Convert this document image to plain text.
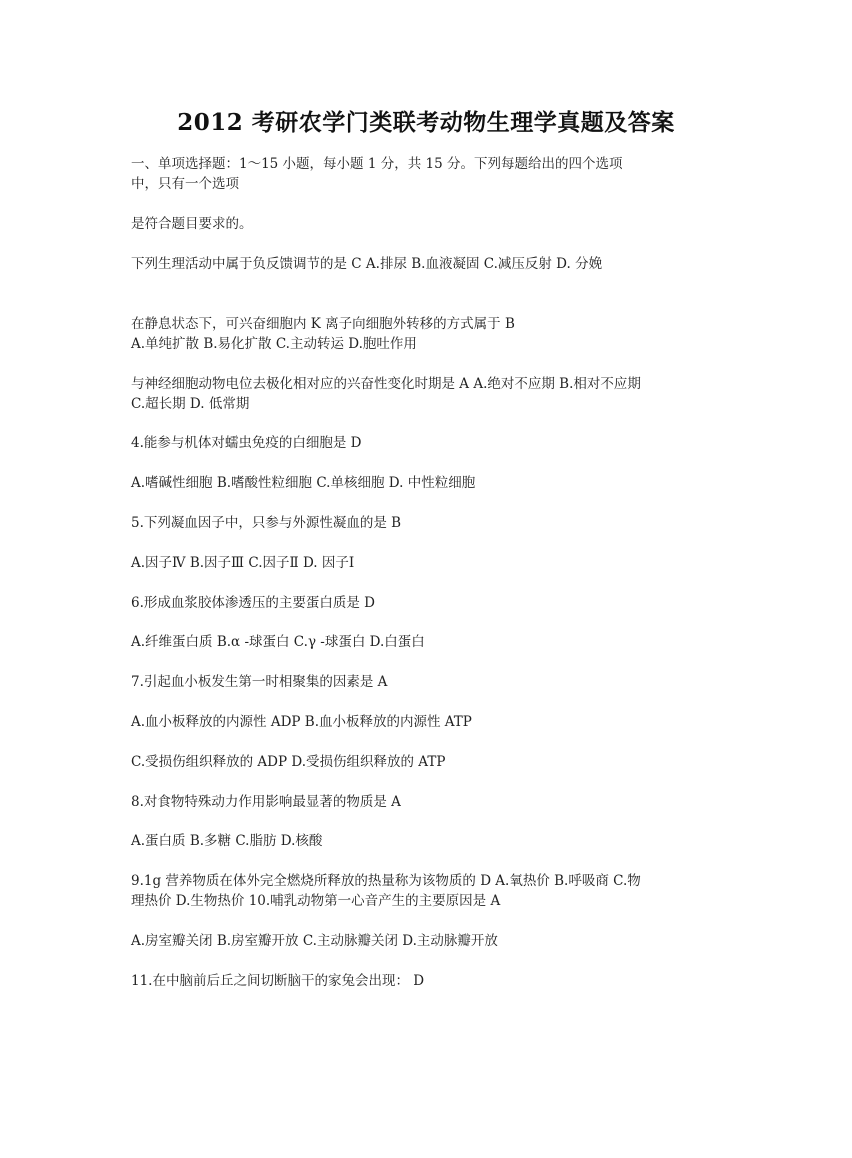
2012 考研农学门类联考动物生理学真题及答案
一、单项选择题：1～15 小题，每小题 1 分，共 15 分。下列每题给出的四个选项
中，只有一个选项
是符合题目要求的。
下列生理活动中属于负反馈调节的是 C A.排尿 B.血液凝固 C.减压反射 D. 分娩
在静息状态下，可兴奋细胞内 K 离子向细胞外转移的方式属于 B
A.单纯扩散 B.易化扩散 C.主动转运 D.胞吐作用
与神经细胞动物电位去极化相对应的兴奋性变化时期是 A A.绝对不应期 B.相对不应期
C.超长期 D. 低常期
4.能参与机体对蠕虫免疫的白细胞是 D
A.嗜碱性细胞 B.嗜酸性粒细胞 C.单核细胞 D. 中性粒细胞
5.下列凝血因子中，只参与外源性凝血的是 B
A.因子Ⅳ B.因子Ⅲ C.因子Ⅱ D. 因子Ⅰ
6.形成血浆胶体渗透压的主要蛋白质是 D
A.纤维蛋白质 B.α -球蛋白 C.γ -球蛋白 D.白蛋白
7.引起血小板发生第一时相聚集的因素是 A
A.血小板释放的内源性 ADP B.血小板释放的内源性 ATP
C.受损伤组织释放的 ADP D.受损伤组织释放的 ATP
8.对食物特殊动力作用影响最显著的物质是 A
A.蛋白质 B.多糖 C.脂肪 D.核酸
9.1g 营养物质在体外完全燃烧所释放的热量称为该物质的 D A.氧热价 B.呼吸商 C.物
理热价 D.生物热价 10.哺乳动物第一心音产生的主要原因是 A
A.房室瓣关闭 B.房室瓣开放 C.主动脉瓣关闭 D.主动脉瓣开放
11.在中脑前后丘之间切断脑干的家兔会出现： D
